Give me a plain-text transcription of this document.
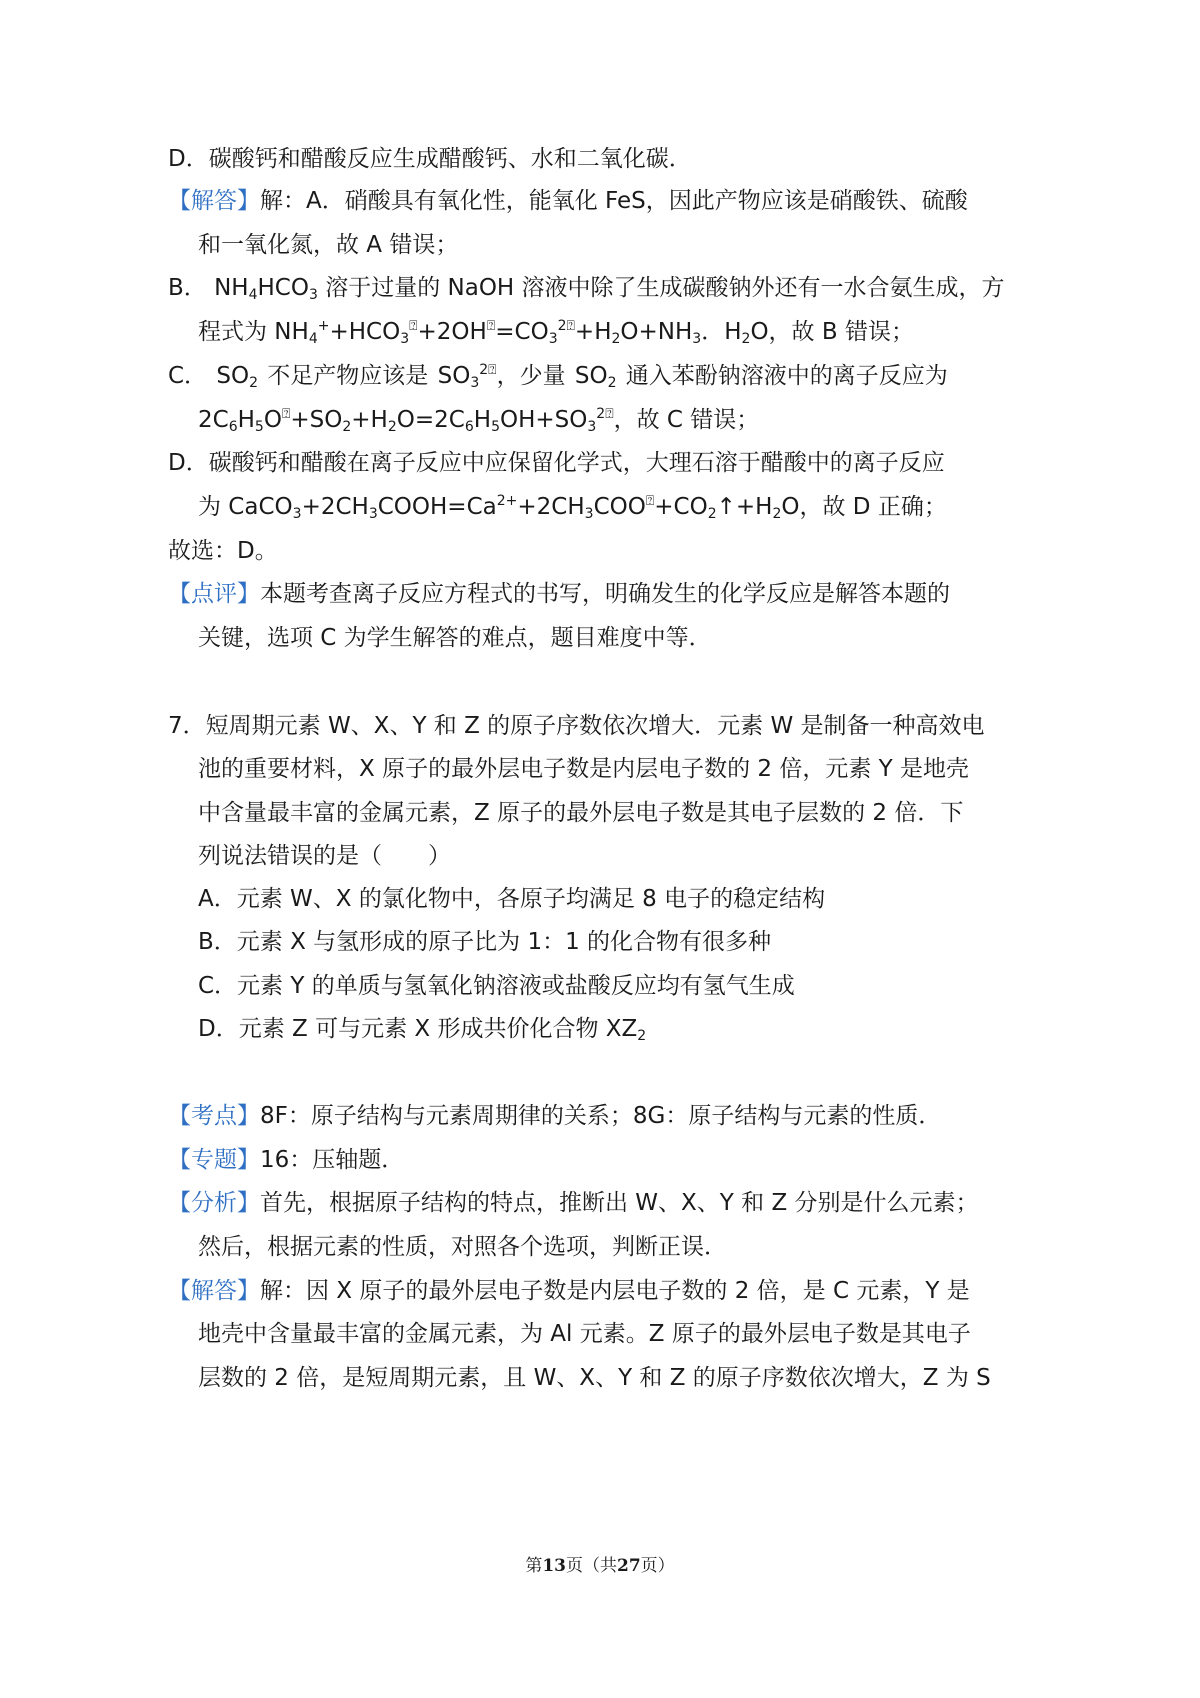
D．碳酸钙和醋酸反应生成醋酸钙、水和二氧化碳．
【解答】解：A．硝酸具有氧化性，能氧化 FeS，因此产物应该是硝酸铁、硫酸
和一氧化氮，故 A 错误；
B． $NH_4HCO_3$ 溶于过量的 NaOH 溶液中除了生成碳酸钠外还有一水合氨生成，方
程式为 $NH_4^++HCO_3^⍰+2OH^⍰=CO_3^{2⍰}+H_2O+NH_3$．$H_2O$，故 B 错误；
C． $SO_2$ 不足产物应该是 $SO_3^{2⍰}$，少量 $SO_2$ 通入苯酚钠溶液中的离子反应为
$2C_6H_5O^⍰+SO_2+H_2O=2C_6H_5OH+SO_3^{2⍰}$，故 C 错误；
D．碳酸钙和醋酸在离子反应中应保留化学式，大理石溶于醋酸中的离子反应
为 $CaCO_3+2CH_3COOH=Ca^{2+}+2CH_3COO^⍰+CO_2↑+H_2O$，故 D 正确；
故选：D。
【点评】本题考查离子反应方程式的书写，明确发生的化学反应是解答本题的
关键，选项 C 为学生解答的难点，题目难度中等．
7．短周期元素 W、X、Y 和 Z 的原子序数依次增大．元素 W 是制备一种高效电
池的重要材料，X 原子的最外层电子数是内层电子数的 2 倍，元素 Y 是地壳
中含量最丰富的金属元素，Z 原子的最外层电子数是其电子层数的 2 倍．下
列说法错误的是（　　）
A．元素 W、X 的氯化物中，各原子均满足 8 电子的稳定结构
B．元素 X 与氢形成的原子比为 1：1 的化合物有很多种
C．元素 Y 的单质与氢氧化钠溶液或盐酸反应均有氢气生成
D．元素 Z 可与元素 X 形成共价化合物 $XZ_2$
【考点】8F：原子结构与元素周期律的关系；8G：原子结构与元素的性质．
【专题】16：压轴题．
【分析】首先，根据原子结构的特点，推断出 W、X、Y 和 Z 分别是什么元素；
然后，根据元素的性质，对照各个选项，判断正误．
【解答】解：因 X 原子的最外层电子数是内层电子数的 2 倍，是 C 元素，Y 是
地壳中含量最丰富的金属元素，为 Al 元素。Z 原子的最外层电子数是其电子
层数的 2 倍，是短周期元素，且 W、X、Y 和 Z 的原子序数依次增大，Z 为 S
第13页（共27页）
